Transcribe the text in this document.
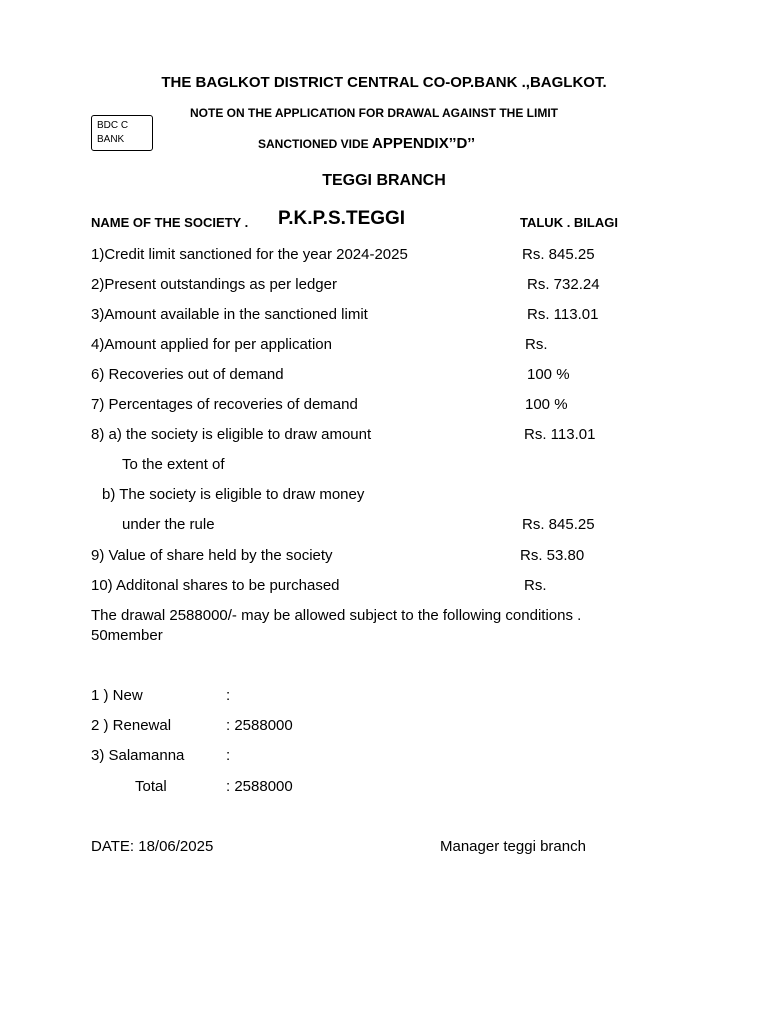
THE BAGLKOT DISTRICT CENTRAL CO-OP.BANK .,BAGLKOT.
NOTE ON THE APPLICATION FOR DRAWAL AGAINST THE LIMIT
SANCTIONED VIDE APPENDIX’’D’’
BDC C
BANK
TEGGI BRANCH
NAME OF THE SOCIETY . P.K.P.S.TEGGI	TALUK . BILAGI
1)Credit limit sanctioned for the year 2024-2025	Rs. 845.25
2)Present outstandings as per ledger	Rs. 732.24
3)Amount available in the sanctioned limit	Rs. 113.01
4)Amount applied for per application	Rs.
6) Recoveries out of demand	100 %
7) Percentages of recoveries of demand	100 %
8) a) the society is eligible to draw amount	Rs. 113.01
To the extent of
b) The society is eligible to draw money
under the rule	Rs. 845.25
9) Value of share held by the society	Rs. 53.80
10) Additonal shares to be purchased	Rs.
The drawal 2588000/- may be allowed subject to the following conditions .
50member
1 ) New	:
2 ) Renewal	: 2588000
3) Salamanna	:
Total	: 2588000
DATE: 18/06/2025	Manager teggi branch
